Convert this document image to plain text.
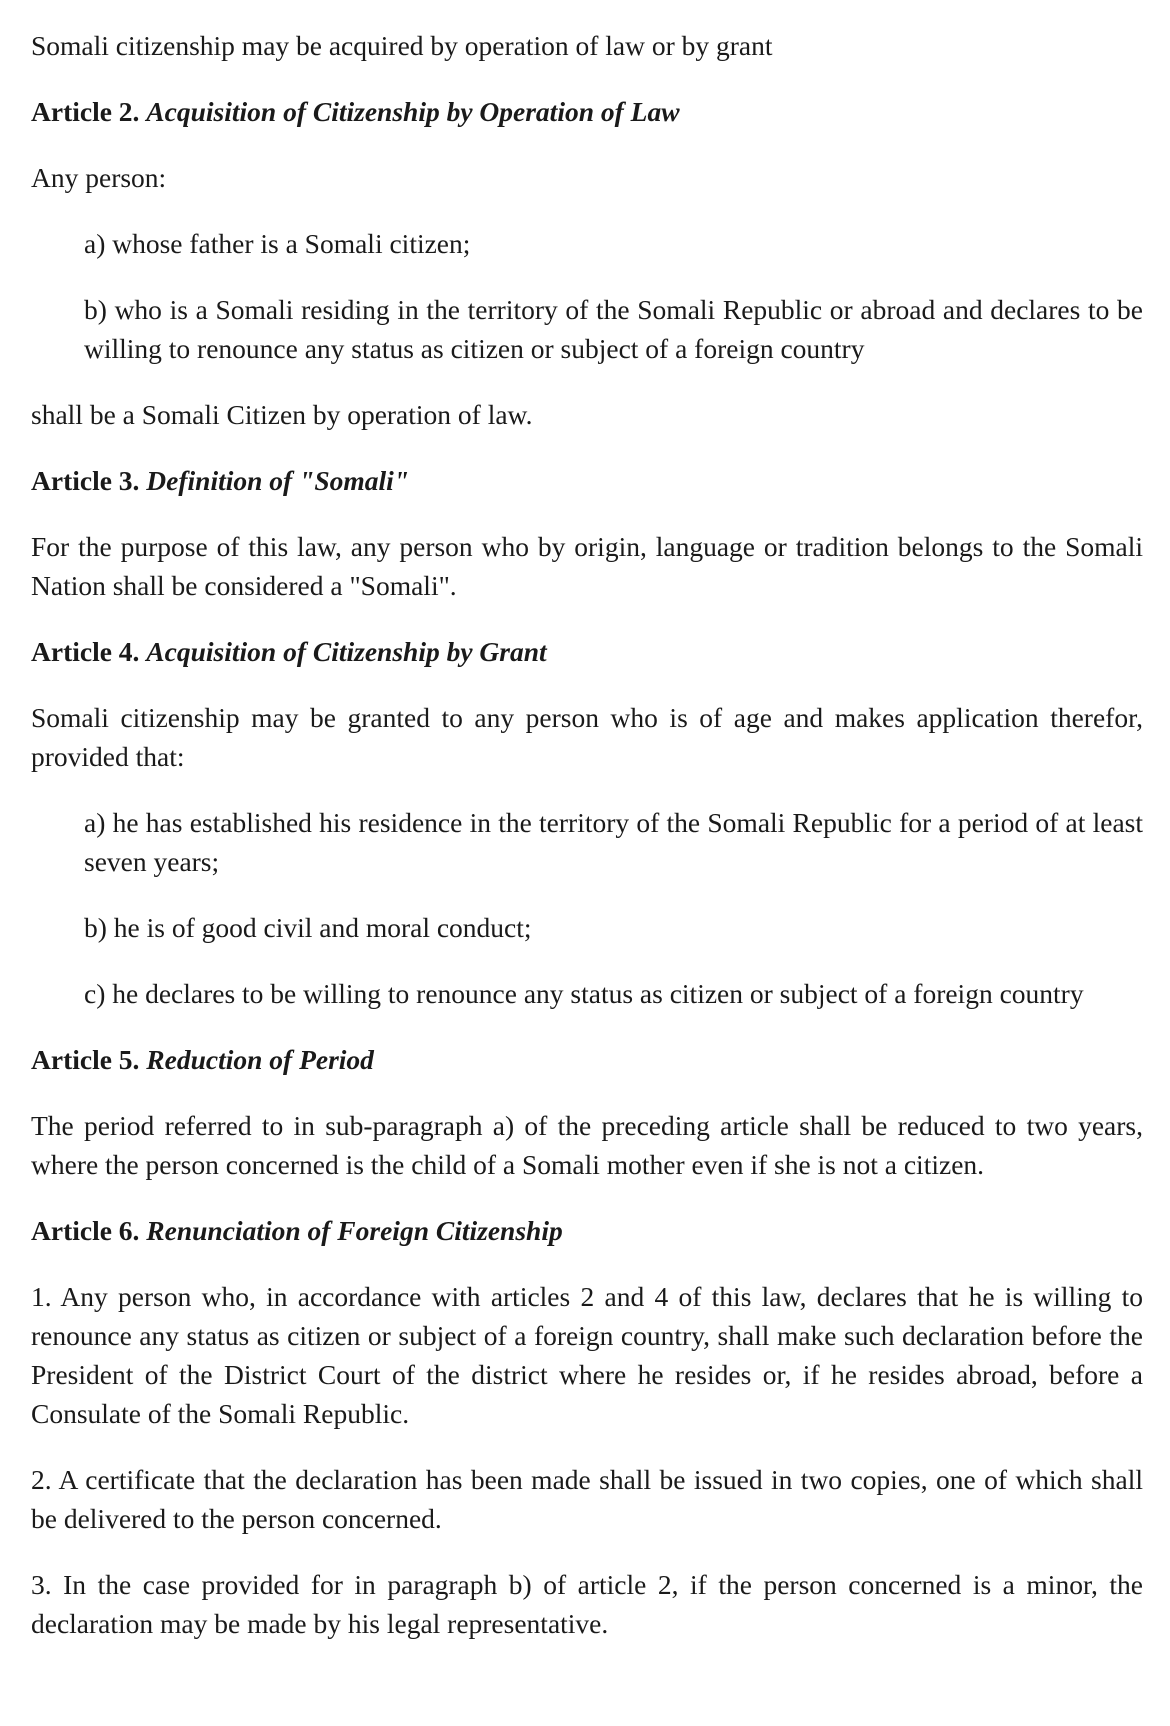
Somali citizenship may be acquired by operation of law or by grant

Article 2. Acquisition of Citizenship by Operation of Law

Any person:

a) whose father is a Somali citizen;

b) who is a Somali residing in the territory of the Somali Republic or abroad and declares to be willing to renounce any status as citizen or subject of a foreign country

shall be a Somali Citizen by operation of law.

Article 3. Definition of "Somali"

For the purpose of this law, any person who by origin, language or tradition belongs to the Somali Nation shall be considered a "Somali".

Article 4. Acquisition of Citizenship by Grant

Somali citizenship may be granted to any person who is of age and makes application therefor, provided that:

a) he has established his residence in the territory of the Somali Republic for a period of at least seven years;

b) he is of good civil and moral conduct;

c) he declares to be willing to renounce any status as citizen or subject of a foreign country

Article 5. Reduction of Period

The period referred to in sub-paragraph a) of the preceding article shall be reduced to two years, where the person concerned is the child of a Somali mother even if she is not a citizen.

Article 6. Renunciation of Foreign Citizenship

1. Any person who, in accordance with articles 2 and 4 of this law, declares that he is willing to renounce any status as citizen or subject of a foreign country, shall make such declaration before the President of the District Court of the district where he resides or, if he resides abroad, before a Consulate of the Somali Republic.

2. A certificate that the declaration has been made shall be issued in two copies, one of which shall be delivered to the person concerned.

3. In the case provided for in paragraph b) of article 2, if the person concerned is a minor, the declaration may be made by his legal representative.
